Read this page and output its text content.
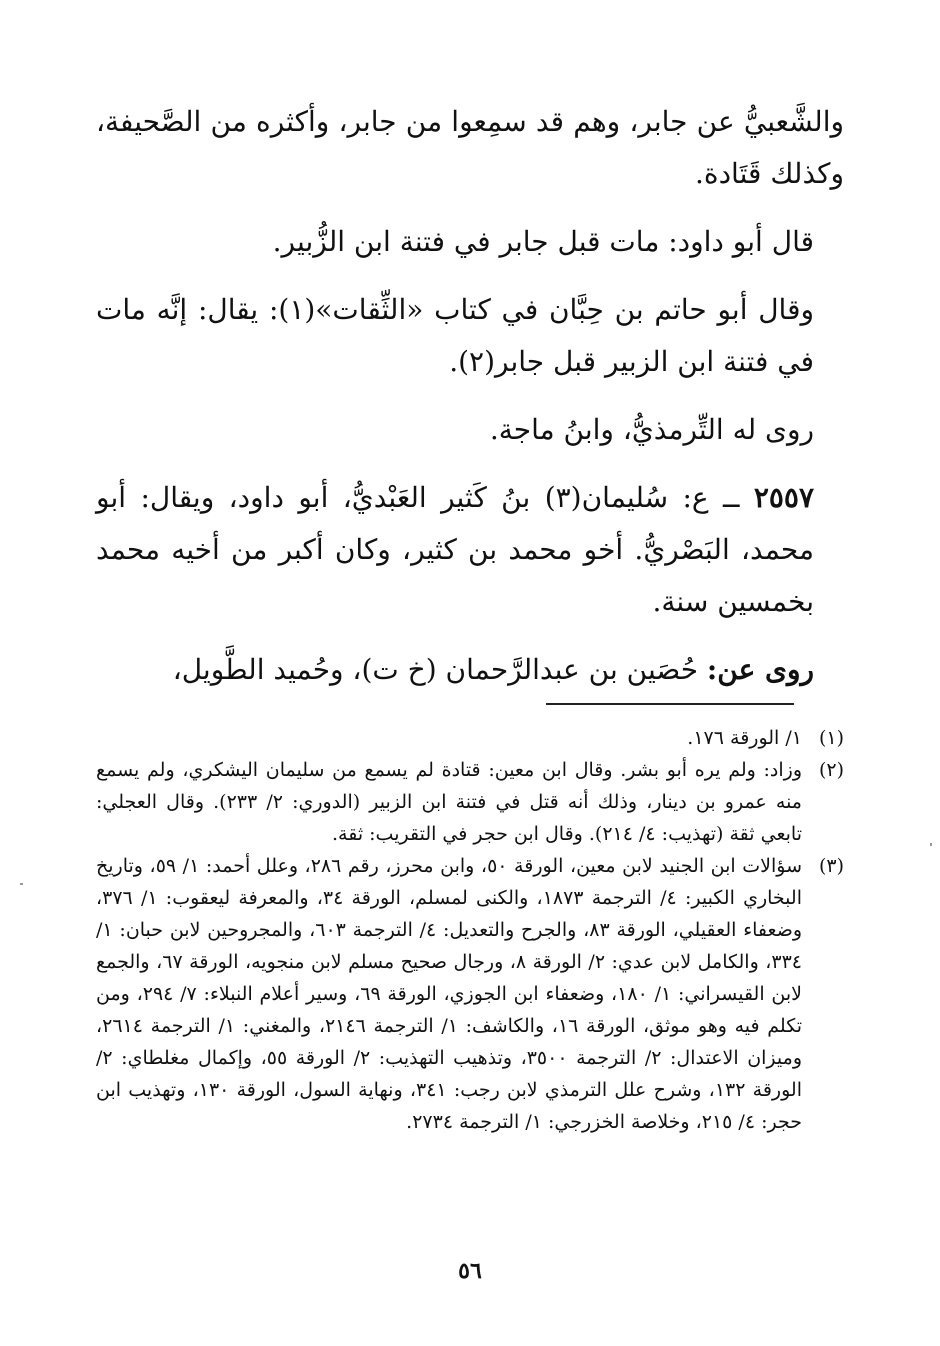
والشَّعبيُّ عن جابر، وهم قد سمِعوا من جابر، وأكثره من الصَّحيفة، وكذلك قَتَادة.

قال أبو داود: مات قبل جابر في فتنة ابن الزُّبير.

وقال أبو حاتم بن حِبَّان في كتاب «الثِّقات»(١): يقال: إنَّه مات في فتنة ابن الزبير قبل جابر(٢).

روى له التِّرمذيُّ، وابنُ ماجة.

٢٥٥٧ ــ ع: سُليمان(٣) بنُ كَثير العَبْديُّ، أبو داود، ويقال: أبو محمد، البَصْريُّ. أخو محمد بن كثير، وكان أكبر من أخيه محمد بخمسين سنة.

روى عن: حُصَين بن عبدالرَّحمان (خ ت)، وحُميد الطَّويل،

(١)
١/ الورقة ١٧٦.
(٢)
وزاد: ولم يره أبو بشر. وقال ابن معين: قتادة لم يسمع من سليمان اليشكري، ولم يسمع منه عمرو بن دينار، وذلك أنه قتل في فتنة ابن الزبير (الدوري: ٢/ ٢٣٣). وقال العجلي: تابعي ثقة (تهذيب: ٤/ ٢١٤). وقال ابن حجر في التقريب: ثقة.
(٣)
سؤالات ابن الجنيد لابن معين، الورقة ٥٠، وابن محرز، رقم ٢٨٦، وعلل أحمد: ١/ ٥٩، وتاريخ البخاري الكبير: ٤/ الترجمة ١٨٧٣، والكنى لمسلم، الورقة ٣٤، والمعرفة ليعقوب: ١/ ٣٧٦، وضعفاء العقيلي، الورقة ٨٣، والجرح والتعديل: ٤/ الترجمة ٦٠٣، والمجروحين لابن حبان: ١/ ٣٣٤، والكامل لابن عدي: ٢/ الورقة ٨، ورجال صحيح مسلم لابن منجويه، الورقة ٦٧، والجمع لابن القيسراني: ١/ ١٨٠، وضعفاء ابن الجوزي، الورقة ٦٩، وسير أعلام النبلاء: ٧/ ٢٩٤، ومن تكلم فيه وهو موثق، الورقة ١٦، والكاشف: ١/ الترجمة ٢١٤٦، والمغني: ١/ الترجمة ٢٦١٤، وميزان الاعتدال: ٢/ الترجمة ٣٥٠٠، وتذهيب التهذيب: ٢/ الورقة ٥٥، وإكمال مغلطاي: ٢/ الورقة ١٣٢، وشرح علل الترمذي لابن رجب: ٣٤١، ونهاية السول، الورقة ١٣٠، وتهذيب ابن حجر: ٤/ ٢١٥، وخلاصة الخزرجي: ١/ الترجمة ٢٧٣٤.
٥٦
